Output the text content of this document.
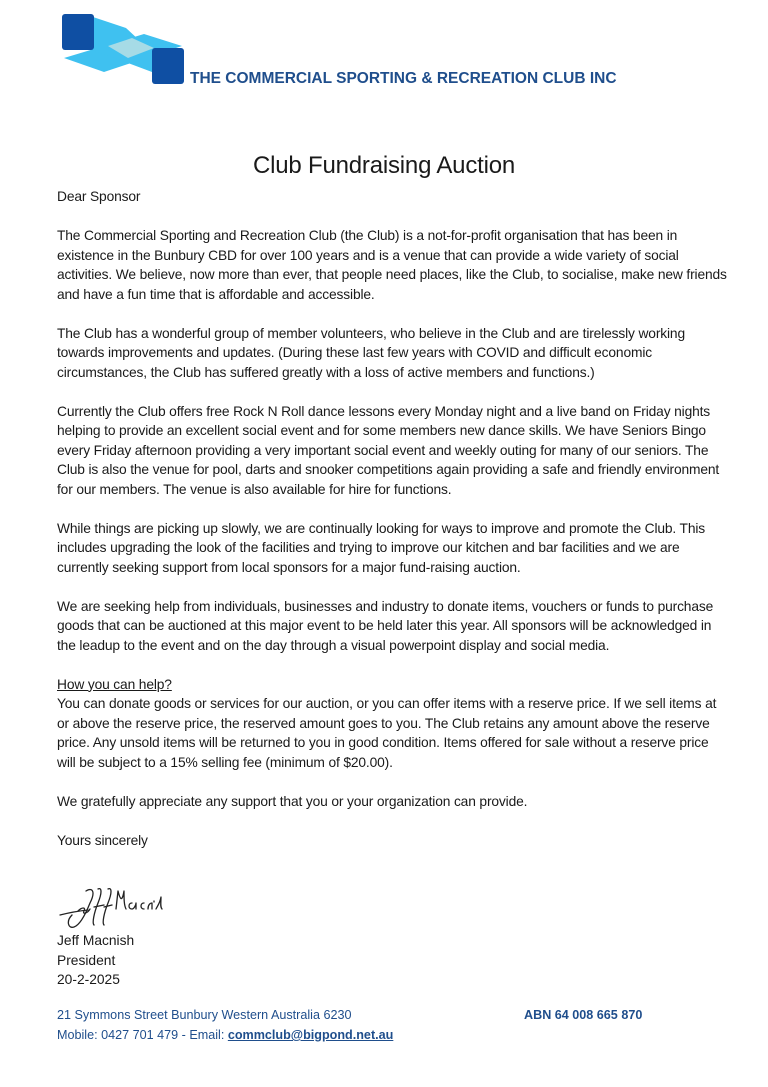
THE COMMERCIAL SPORTING & RECREATION CLUB INC
Club Fundraising Auction

Dear Sponsor

The Commercial Sporting and Recreation Club (the Club) is a not-for-profit organisation that has been in existence in the Bunbury CBD for over 100 years and is a venue that can provide a wide variety of social activities. We believe, now more than ever, that people need places, like the Club, to socialise, make new friends and have a fun time that is affordable and accessible.

The Club has a wonderful group of member volunteers, who believe in the Club and are tirelessly working towards improvements and updates. (During these last few years with COVID and difficult economic circumstances, the Club has suffered greatly with a loss of active members and functions.)

Currently the Club offers free Rock N Roll dance lessons every Monday night and a live band on Friday nights helping to provide an excellent social event and for some members new dance skills. We have Seniors Bingo every Friday afternoon providing a very important social event and weekly outing for many of our seniors. The Club is also the venue for pool, darts and snooker competitions again providing a safe and friendly environment for our members. The venue is also available for hire for functions.

While things are picking up slowly, we are continually looking for ways to improve and promote the Club. This includes upgrading the look of the facilities and trying to improve our kitchen and bar facilities and we are currently seeking support from local sponsors for a major fund-raising auction.

We are seeking help from individuals, businesses and industry to donate items, vouchers or funds to purchase goods that can be auctioned at this major event to be held later this year. All sponsors will be acknowledged in the leadup to the event and on the day through a visual powerpoint display and social media.

How you can help?

You can donate goods or services for our auction, or you can offer items with a reserve price. If we sell items at or above the reserve price, the reserved amount goes to you. The Club retains any amount above the reserve price. Any unsold items will be returned to you in good condition. Items offered for sale without a reserve price will be subject to a 15% selling fee (minimum of $20.00).

We gratefully appreciate any support that you or your organization can provide.

Yours sincerely

Jeff Macnish
President
20-2-2025
21 Symmons Street Bunbury Western Australia 6230	ABN 64 008 665 870
Mobile: 0427 701 479 - Email: commclub@bigpond.net.au
